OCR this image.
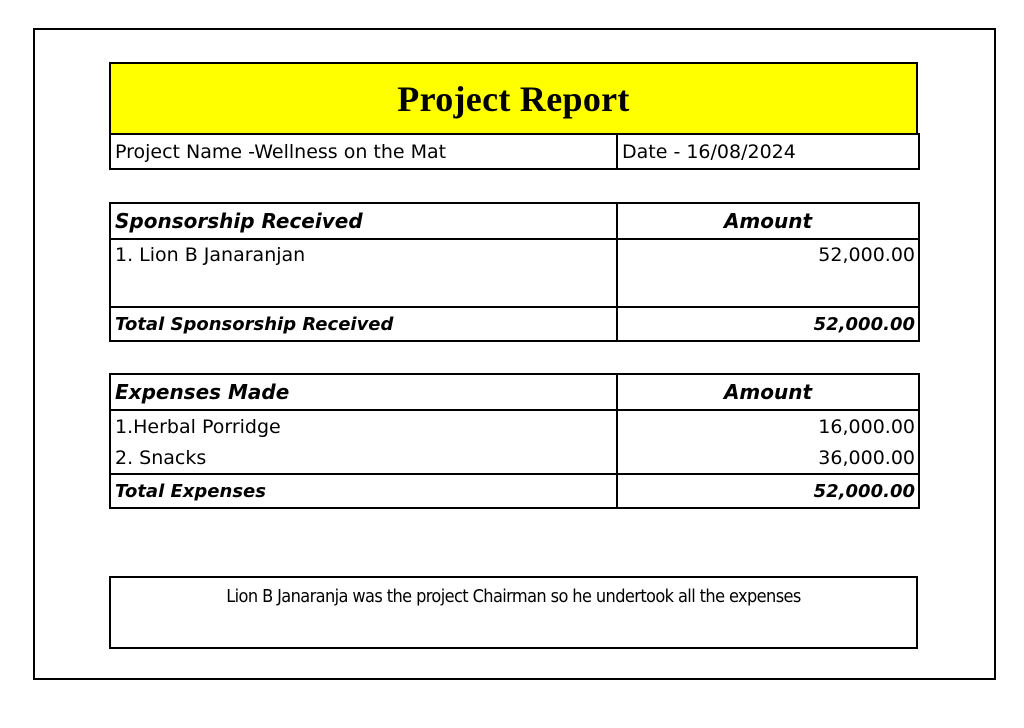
Project Report
Project Name -Wellness on the Mat	Date - 16/08/2024
Sponsorship Received	Amount
1. Lion B Janaranjan	52,000.00
Total Sponsorship Received	52,000.00
Expenses Made	Amount
1.Herbal Porridge	16,000.00
2. Snacks	36,000.00
Total Expenses	52,000.00
Lion B Janaranja was the project Chairman so he undertook all the expenses
